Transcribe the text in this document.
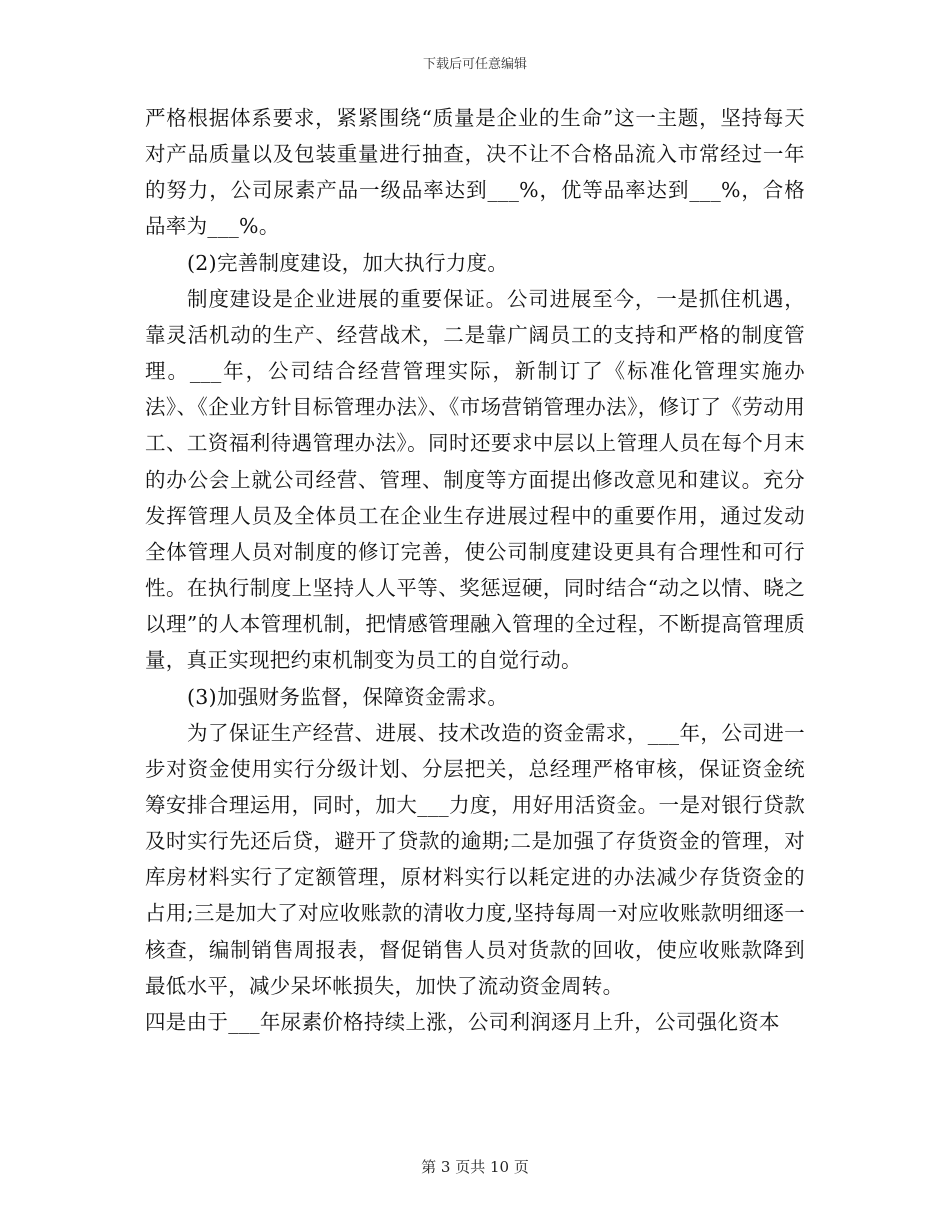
下载后可任意编辑

严格根据体系要求，紧紧围绕“质量是企业的生命”这一主题，坚持每天对产品质量以及包装重量进行抽查，决不让不合格品流入市常经过一年的努力，公司尿素产品一级品率达到___%，优等品率达到___%，合格品率为___%。

(2)完善制度建设，加大执行力度。

制度建设是企业进展的重要保证。公司进展至今，一是抓住机遇，靠灵活机动的生产、经营战术，二是靠广阔员工的支持和严格的制度管理。___年，公司结合经营管理实际，新制订了《标准化管理实施办法》、《企业方针目标管理办法》、《市场营销管理办法》，修订了《劳动用工、工资福利待遇管理办法》。同时还要求中层以上管理人员在每个月末的办公会上就公司经营、管理、制度等方面提出修改意见和建议。充分发挥管理人员及全体员工在企业生存进展过程中的重要作用，通过发动全体管理人员对制度的修订完善，使公司制度建设更具有合理性和可行性。在执行制度上坚持人人平等、奖惩逗硬，同时结合“动之以情、晓之以理”的人本管理机制，把情感管理融入管理的全过程，不断提高管理质量，真正实现把约束机制变为员工的自觉行动。

(3)加强财务监督，保障资金需求。

为了保证生产经营、进展、技术改造的资金需求，___年，公司进一步对资金使用实行分级计划、分层把关，总经理严格审核，保证资金统筹安排合理运用，同时，加大___力度，用好用活资金。一是对银行贷款及时实行先还后贷，避开了贷款的逾期;二是加强了存货资金的管理，对库房材料实行了定额管理，原材料实行以耗定进的办法减少存货资金的占用;三是加大了对应收账款的清收力度,坚持每周一对应收账款明细逐一核查，编制销售周报表，督促销售人员对货款的回收，使应收账款降到最低水平，减少呆坏帐损失，加快了流动资金周转。

四是由于___年尿素价格持续上涨，公司利润逐月上升，公司强化资本

第 3 页共 10 页
